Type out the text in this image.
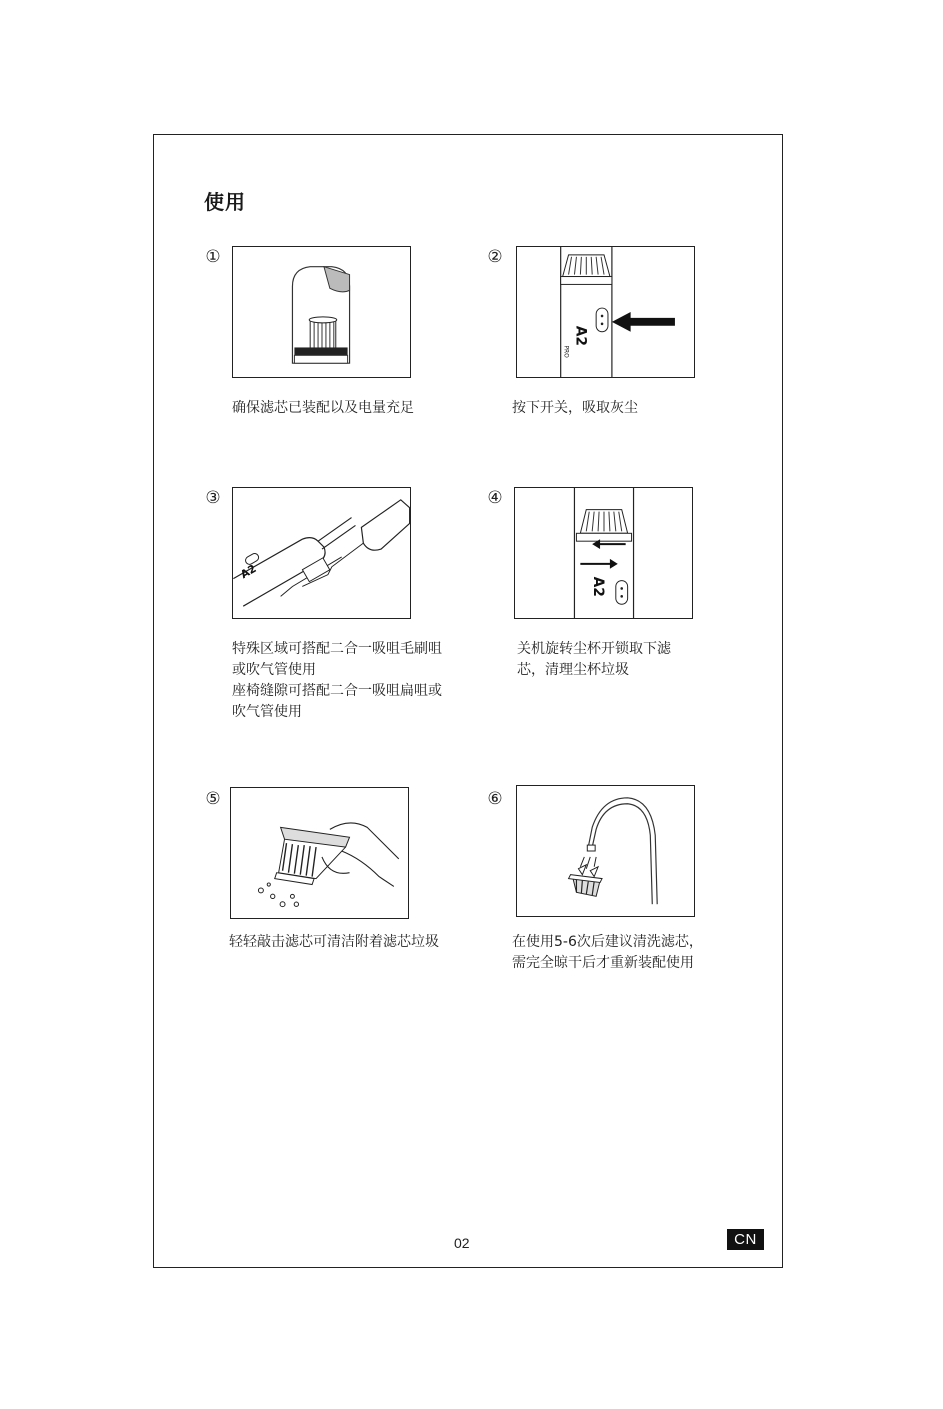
使用
①
确保滤芯已装配以及电量充足
②
A2
PRO
按下开关，吸取灰尘
③
A2
特殊区域可搭配二合一吸咀毛刷咀
或吹气管使用
座椅缝隙可搭配二合一吸咀扁咀或
吹气管使用
④
A2
关机旋转尘杯开锁取下滤
芯，清理尘杯垃圾
⑤
轻轻敲击滤芯可清洁附着滤芯垃圾
⑥
在使用5-6次后建议清洗滤芯，
需完全晾干后才重新装配使用
02	CN
